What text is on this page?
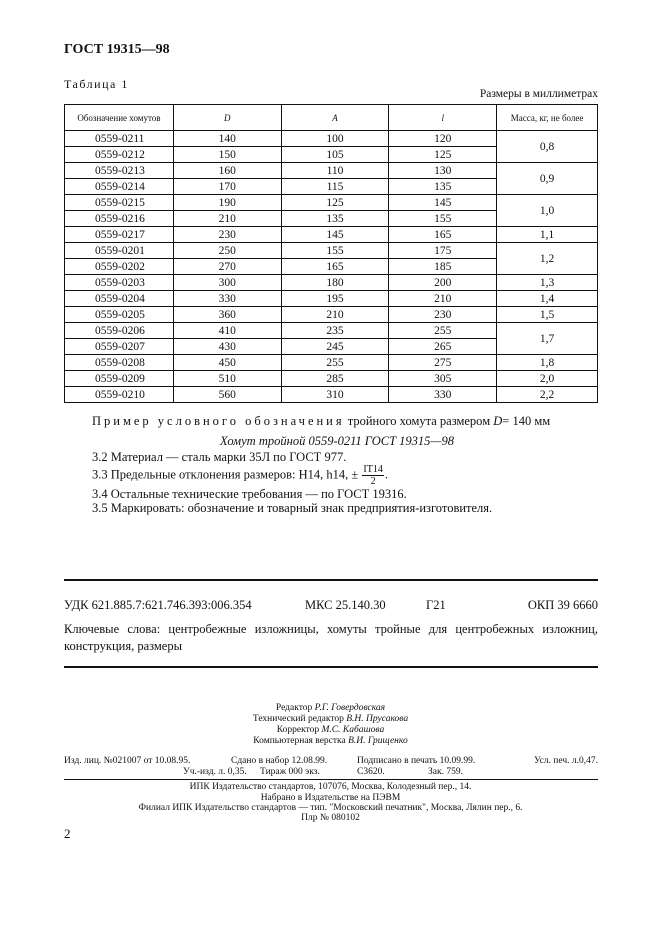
ГОСТ 19315—98
Таблица 1
Размеры в миллиметрах
Обозначение хомутов	D	A	l	Масса, кг, не более
0559-0211	140	100	120	0,8
0559-0212	150	105	125	
0559-0213	160	110	130	0,9
0559-0214	170	115	135	
0559-0215	190	125	145	1,0
0559-0216	210	135	155	
0559-0217	230	145	165	1,1
0559-0201	250	155	175	1,2
0559-0202	270	165	185	
0559-0203	300	180	200	1,3
0559-0204	330	195	210	1,4
0559-0205	360	210	230	1,5
0559-0206	410	235	255	1,7
0559-0207	430	245	265	
0559-0208	450	255	275	1,8
0559-0209	510	285	305	2,0
0559-0210	560	310	330	2,2
Пример условного обозначения тройного хомута размером D= 140 мм
Хомут тройной 0559-0211 ГОСТ 19315—98
3.2 Материал — сталь марки 35Л по ГОСТ 977.
3.3 Предельные отклонения размеров: Н14, h14, ± $\frac{IT14}{2}$ .
3.4 Остальные технические требования — по ГОСТ 19316.
3.5 Маркировать: обозначение и товарный знак предприятия-изготовителя.
УДК 621.885.7:621.746.393:006.354	МКС 25.140.30	Г21	ОКП 39 6660
Ключевые слова: центробежные изложницы, хомуты тройные для центробежных изложниц, конструкция, размеры
Редактор Р.Г. Говердовская
Технический редактор В.Н. Прусакова
Корректор М.С. Кабашова
Компьютерная верстка В.И. Грищенко
Изд. лиц. №021007 от 10.08.95.	Сдано в набор 12.08.99.	Подписано в печать 10.09.99.	Усл. печ. л.0,47.
Уч.-изд. л. 0,35. Тираж 000 экз.	С3620.	Зак. 759.
ИПК Издательство стандартов, 107076, Москва, Колодезный пер., 14.
Набрано в Издательстве на ПЭВМ
Филиал ИПК Издательство стандартов — тип. "Московский печатник", Москва, Лялин пер., 6.
Плр № 080102
2
